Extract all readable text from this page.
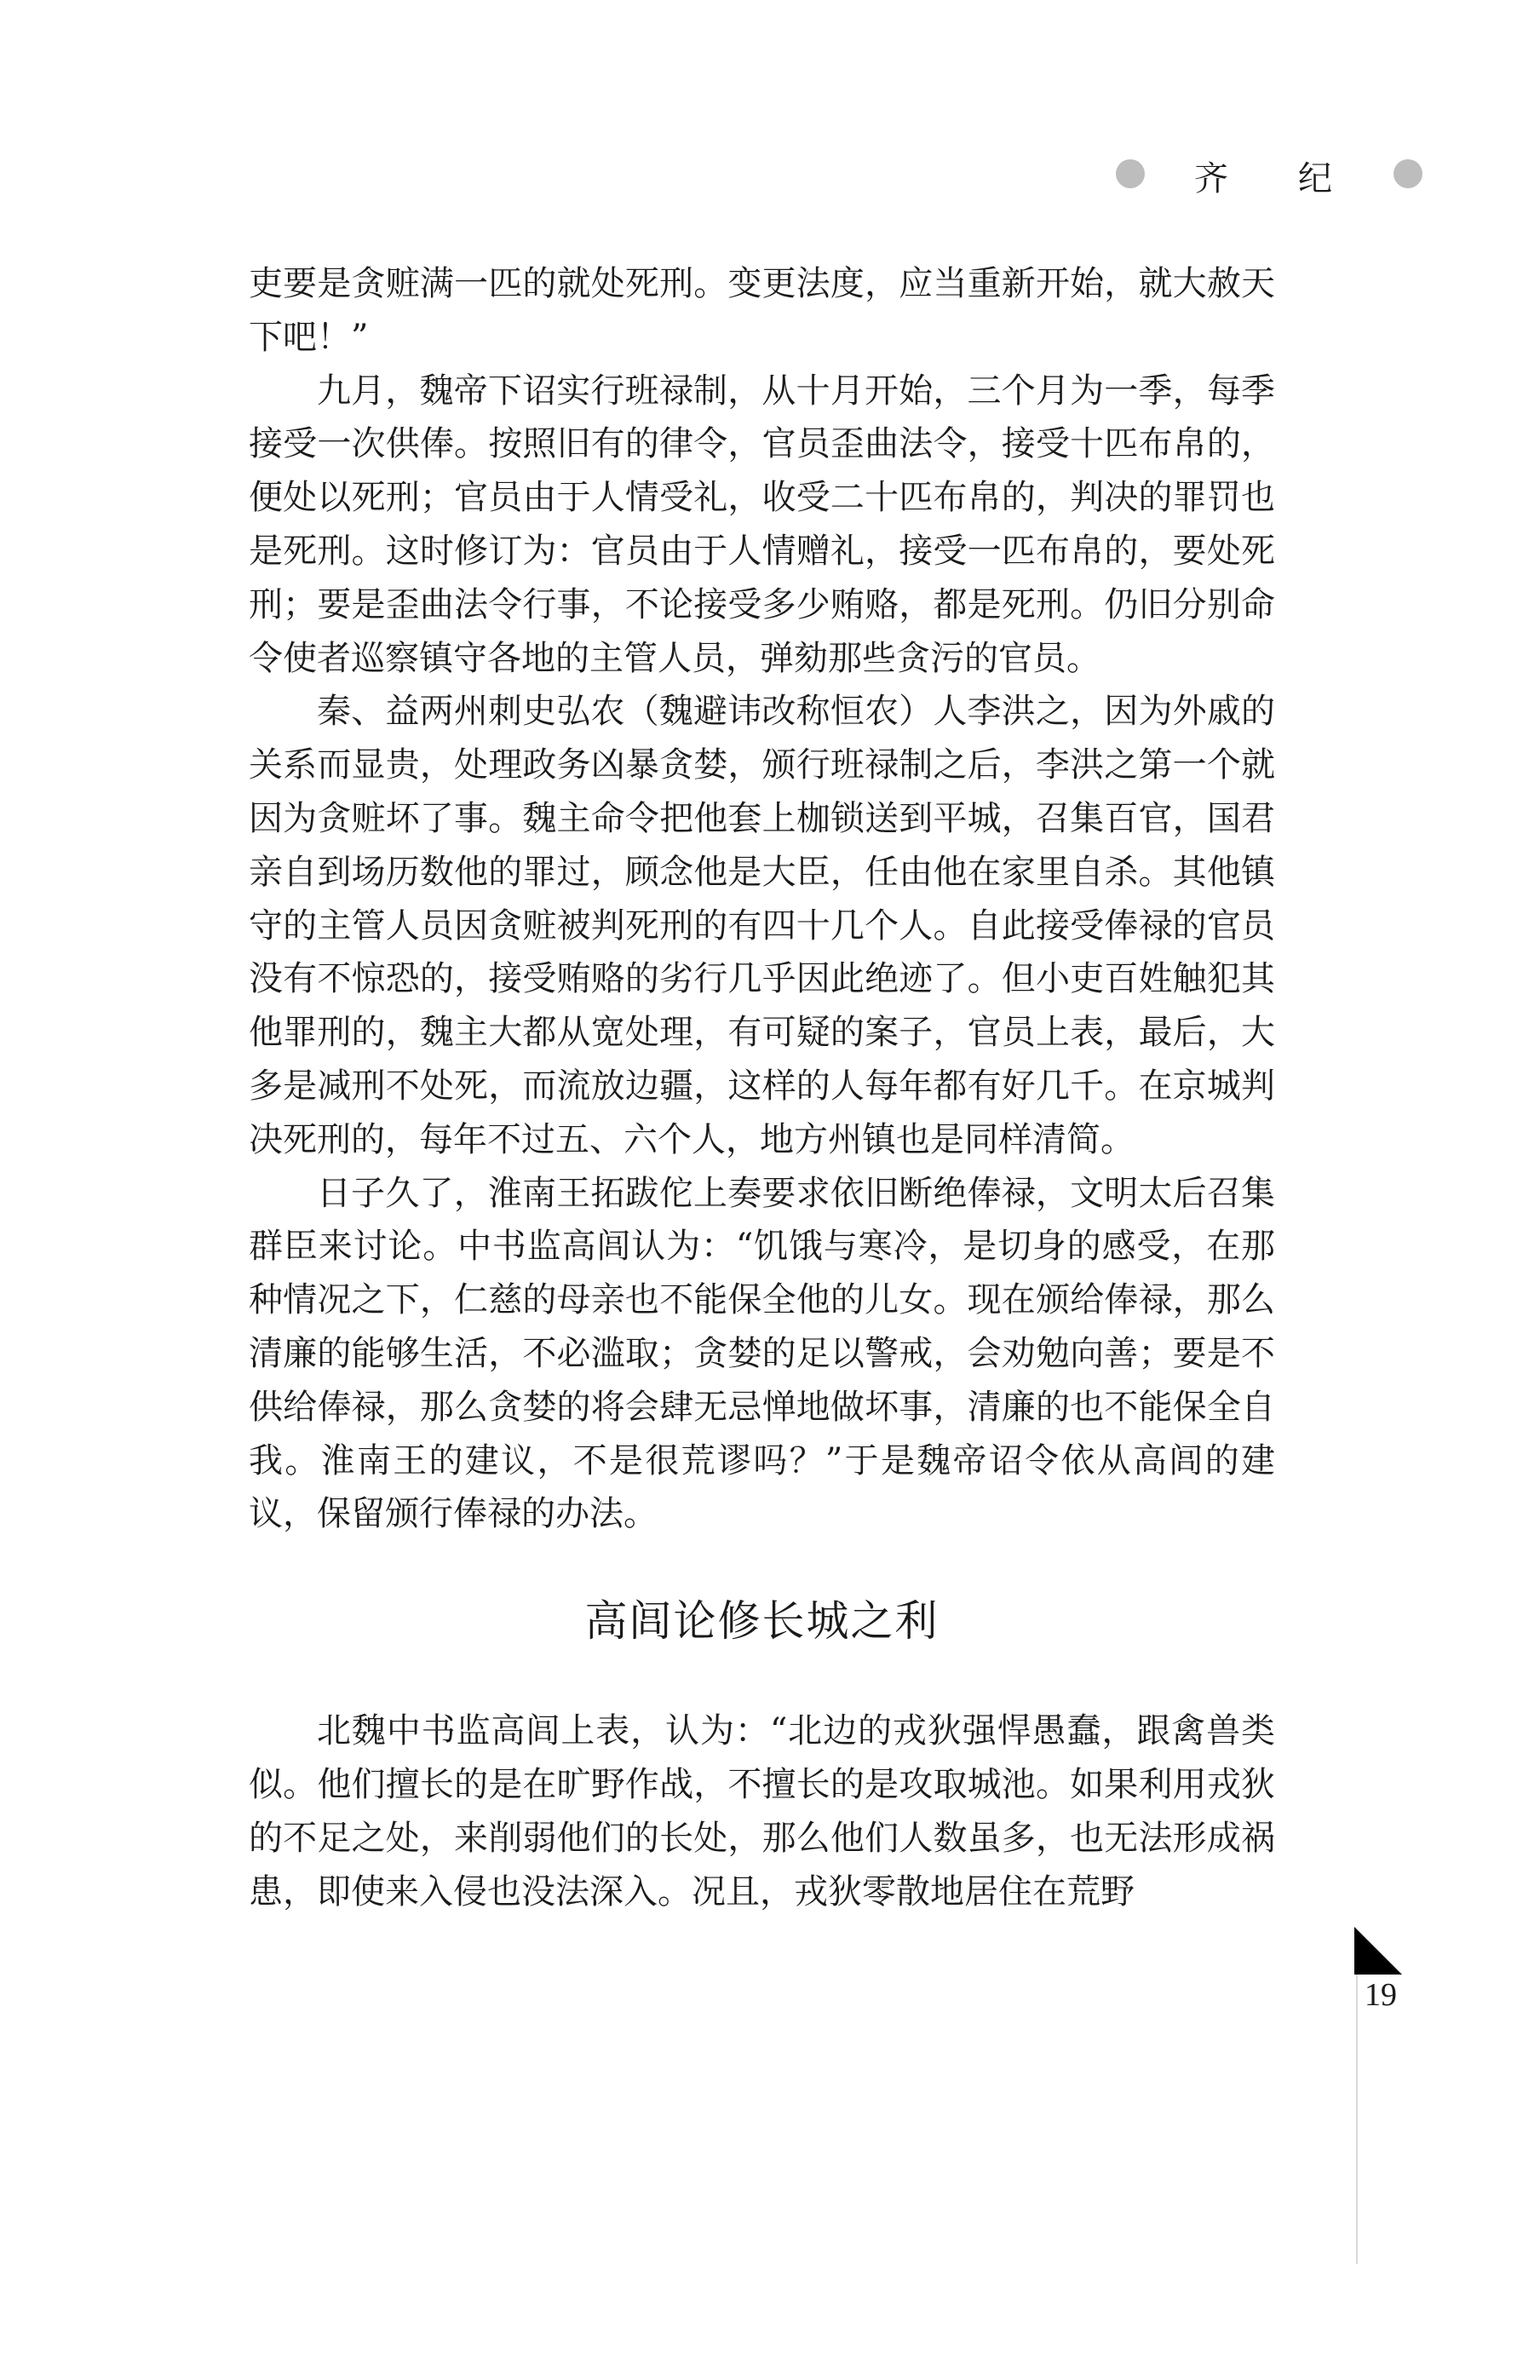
齐 纪

吏要是贪赃满一匹的就处死刑。变更法度，应当重新开始，就大赦天下吧！”

九月，魏帝下诏实行班禄制，从十月开始，三个月为一季，每季接受一次供俸。按照旧有的律令，官员歪曲法令，接受十匹布帛的，便处以死刑；官员由于人情受礼，收受二十匹布帛的，判决的罪罚也是死刑。这时修订为：官员由于人情赠礼，接受一匹布帛的，要处死刑；要是歪曲法令行事，不论接受多少贿赂，都是死刑。仍旧分别命令使者巡察镇守各地的主管人员，弹劾那些贪污的官员。

秦、益两州刺史弘农（魏避讳改称恒农）人李洪之，因为外戚的关系而显贵，处理政务凶暴贪婪，颁行班禄制之后，李洪之第一个就因为贪赃坏了事。魏主命令把他套上枷锁送到平城，召集百官，国君亲自到场历数他的罪过，顾念他是大臣，任由他在家里自杀。其他镇守的主管人员因贪赃被判死刑的有四十几个人。自此接受俸禄的官员没有不惊恐的，接受贿赂的劣行几乎因此绝迹了。但小吏百姓触犯其他罪刑的，魏主大都从宽处理，有可疑的案子，官员上表，最后，大多是减刑不处死，而流放边疆，这样的人每年都有好几千。在京城判决死刑的，每年不过五、六个人，地方州镇也是同样清简。

日子久了，淮南王拓跋佗上奏要求依旧断绝俸禄，文明太后召集群臣来讨论。中书监高闾认为：“饥饿与寒冷，是切身的感受，在那种情况之下，仁慈的母亲也不能保全他的儿女。现在颁给俸禄，那么清廉的能够生活，不必滥取；贪婪的足以警戒，会劝勉向善；要是不供给俸禄，那么贪婪的将会肆无忌惮地做坏事，清廉的也不能保全自我。淮南王的建议，不是很荒谬吗？”于是魏帝诏令依从高闾的建议，保留颁行俸禄的办法。

高闾论修长城之利

北魏中书监高闾上表，认为：“北边的戎狄强悍愚蠢，跟禽兽类似。他们擅长的是在旷野作战，不擅长的是攻取城池。如果利用戎狄的不足之处，来削弱他们的长处，那么他们人数虽多，也无法形成祸患，即使来入侵也没法深入。况且，戎狄零散地居住在荒野

19
